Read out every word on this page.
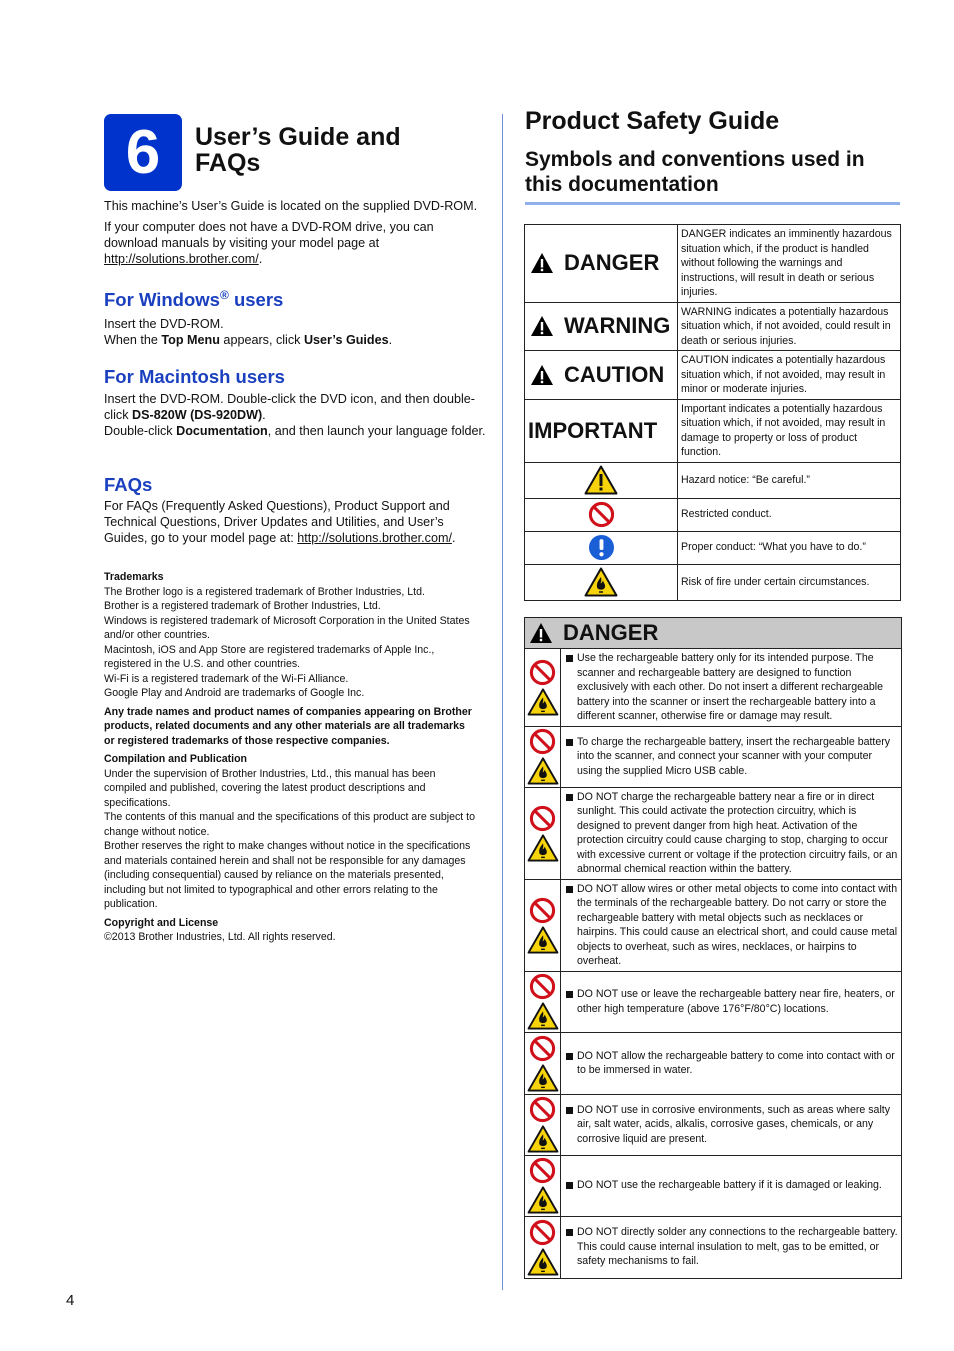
6	User’s Guide and
FAQs

This machine’s User’s Guide is located on the supplied DVD-ROM.

If your computer does not have a DVD-ROM drive, you can download manuals by visiting your model page at http://solutions.brother.com/.

For Windows® users

Insert the DVD-ROM.

When the Top Menu appears, click User’s Guides.

For Macintosh users

Insert the DVD-ROM. Double-click the DVD icon, and then double-click DS-820W (DS-920DW).

Double-click Documentation, and then launch your language folder.

FAQs

For FAQs (Frequently Asked Questions), Product Support and Technical Questions, Driver Updates and Utilities, and User’s Guides, go to your model page at: http://solutions.brother.com/.

Trademarks
The Brother logo is a registered trademark of Brother Industries, Ltd.
Brother is a registered trademark of Brother Industries, Ltd.
Windows is registered trademark of Microsoft Corporation in the United States and/or other countries.
Macintosh, iOS and App Store are registered trademarks of Apple Inc., registered in the U.S. and other countries.
Wi-Fi is a registered trademark of the Wi-Fi Alliance.
Google Play and Android are trademarks of Google Inc.
Any trade names and product names of companies appearing on Brother products, related documents and any other materials are all trademarks or registered trademarks of those respective companies.
Compilation and Publication
Under the supervision of Brother Industries, Ltd., this manual has been compiled and published, covering the latest product descriptions and specifications.
The contents of this manual and the specifications of this product are subject to change without notice.
Brother reserves the right to make changes without notice in the specifications and materials contained herein and shall not be responsible for any damages (including consequential) caused by reliance on the materials presented, including but not limited to typographical and other errors relating to the publication.
Copyright and License
©2013 Brother Industries, Ltd. All rights reserved.
4
Product Safety Guide
Symbols and conventions used in this documentation
DANGER	DANGER indicates an imminently hazardous situation which, if the product is handled without following the warnings and instructions, will result in death or serious injuries.

WARNING	WARNING indicates a potentially hazardous situation which, if not avoided, could result in death or serious injuries.

CAUTION	CAUTION indicates a potentially hazardous situation which, if not avoided, may result in minor or moderate injuries.

IMPORTANT	Important indicates a potentially hazardous situation which, if not avoided, may result in damage to property or loss of product function.

	Hazard notice: “Be careful.”

	Restricted conduct.

	Proper conduct: “What you have to do.”

	Risk of fire under certain circumstances.
DANGER	

Use the rechargeable battery only for its intended purpose. The scanner and rechargeable battery are designed to function exclusively with each other. Do not insert a different rechargeable battery into the scanner or insert the rechargeable battery into a different scanner, otherwise fire or damage may result.

To charge the rechargeable battery, insert the rechargeable battery into the scanner, and connect your scanner with your computer using the supplied Micro USB cable.

DO NOT charge the rechargeable battery near a fire or in direct sunlight. This could activate the protection circuitry, which is designed to prevent danger from high heat. Activation of the protection circuitry could cause charging to stop, charging to occur with excessive current or voltage if the protection circuitry fails, or an abnormal chemical reaction within the battery.

DO NOT allow wires or other metal objects to come into contact with the terminals of the rechargeable battery. Do not carry or store the rechargeable battery with metal objects such as necklaces or hairpins. This could cause an electrical short, and could cause metal objects to overheat, such as wires, necklaces, or hairpins to overheat.

DO NOT use or leave the rechargeable battery near fire, heaters, or other high temperature (above 176°F/80°C) locations.

DO NOT allow the rechargeable battery to come into contact with or to be immersed in water.

DO NOT use in corrosive environments, such as areas where salty air, salt water, acids, alkalis, corrosive gases, chemicals, or any corrosive liquid are present.

DO NOT use the rechargeable battery if it is damaged or leaking.

DO NOT directly solder any connections to the rechargeable battery. This could cause internal insulation to melt, gas to be emitted, or safety mechanisms to fail.
